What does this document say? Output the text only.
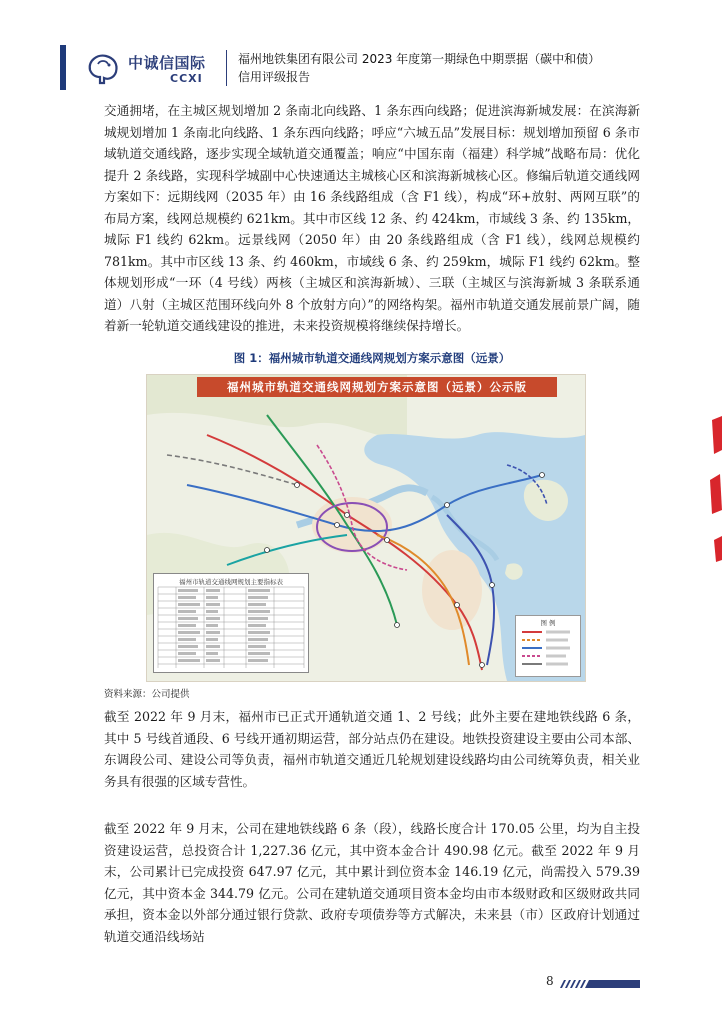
中诚信国际
CCXI
福州地铁集团有限公司 2023 年度第一期绿色中期票据（碳中和债）
信用评级报告

交通拥堵，在主城区规划增加 2 条南北向线路、1 条东西向线路；促进滨海新城发展：在滨海新城规划增加 1 条南北向线路、1 条东西向线路；呼应“六城五品”发展目标：规划增加预留 6 条市域轨道交通线路，逐步实现全域轨道交通覆盖；响应“中国东南（福建）科学城”战略布局：优化提升 2 条线路，实现科学城副中心快速通达主城核心区和滨海新城核心区。修编后轨道交通线网方案如下：远期线网（2035 年）由 16 条线路组成（含 F1 线），构成“环+放射、两网互联”的布局方案，线网总规模约 621km。其中市区线 12 条、约 424km，市域线 3 条、约 135km，城际 F1 线约 62km。远景线网（2050 年）由 20 条线路组成（含 F1 线），线网总规模约 781km。其中市区线 13 条、约 460km，市域线 6 条、约 259km，城际 F1 线约 62km。整体规划形成“一环（4 号线）两核（主城区和滨海新城）、三联（主城区与滨海新城 3 条联系通道）八射（主城区范围环线向外 8 个放射方向）”的网络构架。福州市轨道交通发展前景广阔，随着新一轮轨道交通线建设的推进，未来投资规模将继续保持增长。

图 1：福州城市轨道交通线网规划方案示意图（远景）
福州城市轨道交通线网规划方案示意图（远景）公示版
福州市轨道交通线网规划主要指标表
图 例
资料来源：公司提供

截至 2022 年 9 月末，福州市已正式开通轨道交通 1、2 号线；此外主要在建地铁线路 6 条，其中 5 号线首通段、6 号线开通初期运营，部分站点仍在建设。地铁投资建设主要由公司本部、东调段公司、建设公司等负责，福州市轨道交通近几轮规划建设线路均由公司统筹负责，相关业务具有很强的区域专营性。

截至 2022 年 9 月末，公司在建地铁线路 6 条（段），线路长度合计 170.05 公里，均为自主投资建设运营，总投资合计 1,227.36 亿元，其中资本金合计 490.98 亿元。截至 2022 年 9 月末，公司累计已完成投资 647.97 亿元，其中累计到位资本金 146.19 亿元，尚需投入 579.39 亿元，其中资本金 344.79 亿元。公司在建轨道交通项目资本金均由市本级财政和区级财政共同承担，资本金以外部分通过银行贷款、政府专项债券等方式解决，未来县（市）区政府计划通过轨道交通沿线场站

8
